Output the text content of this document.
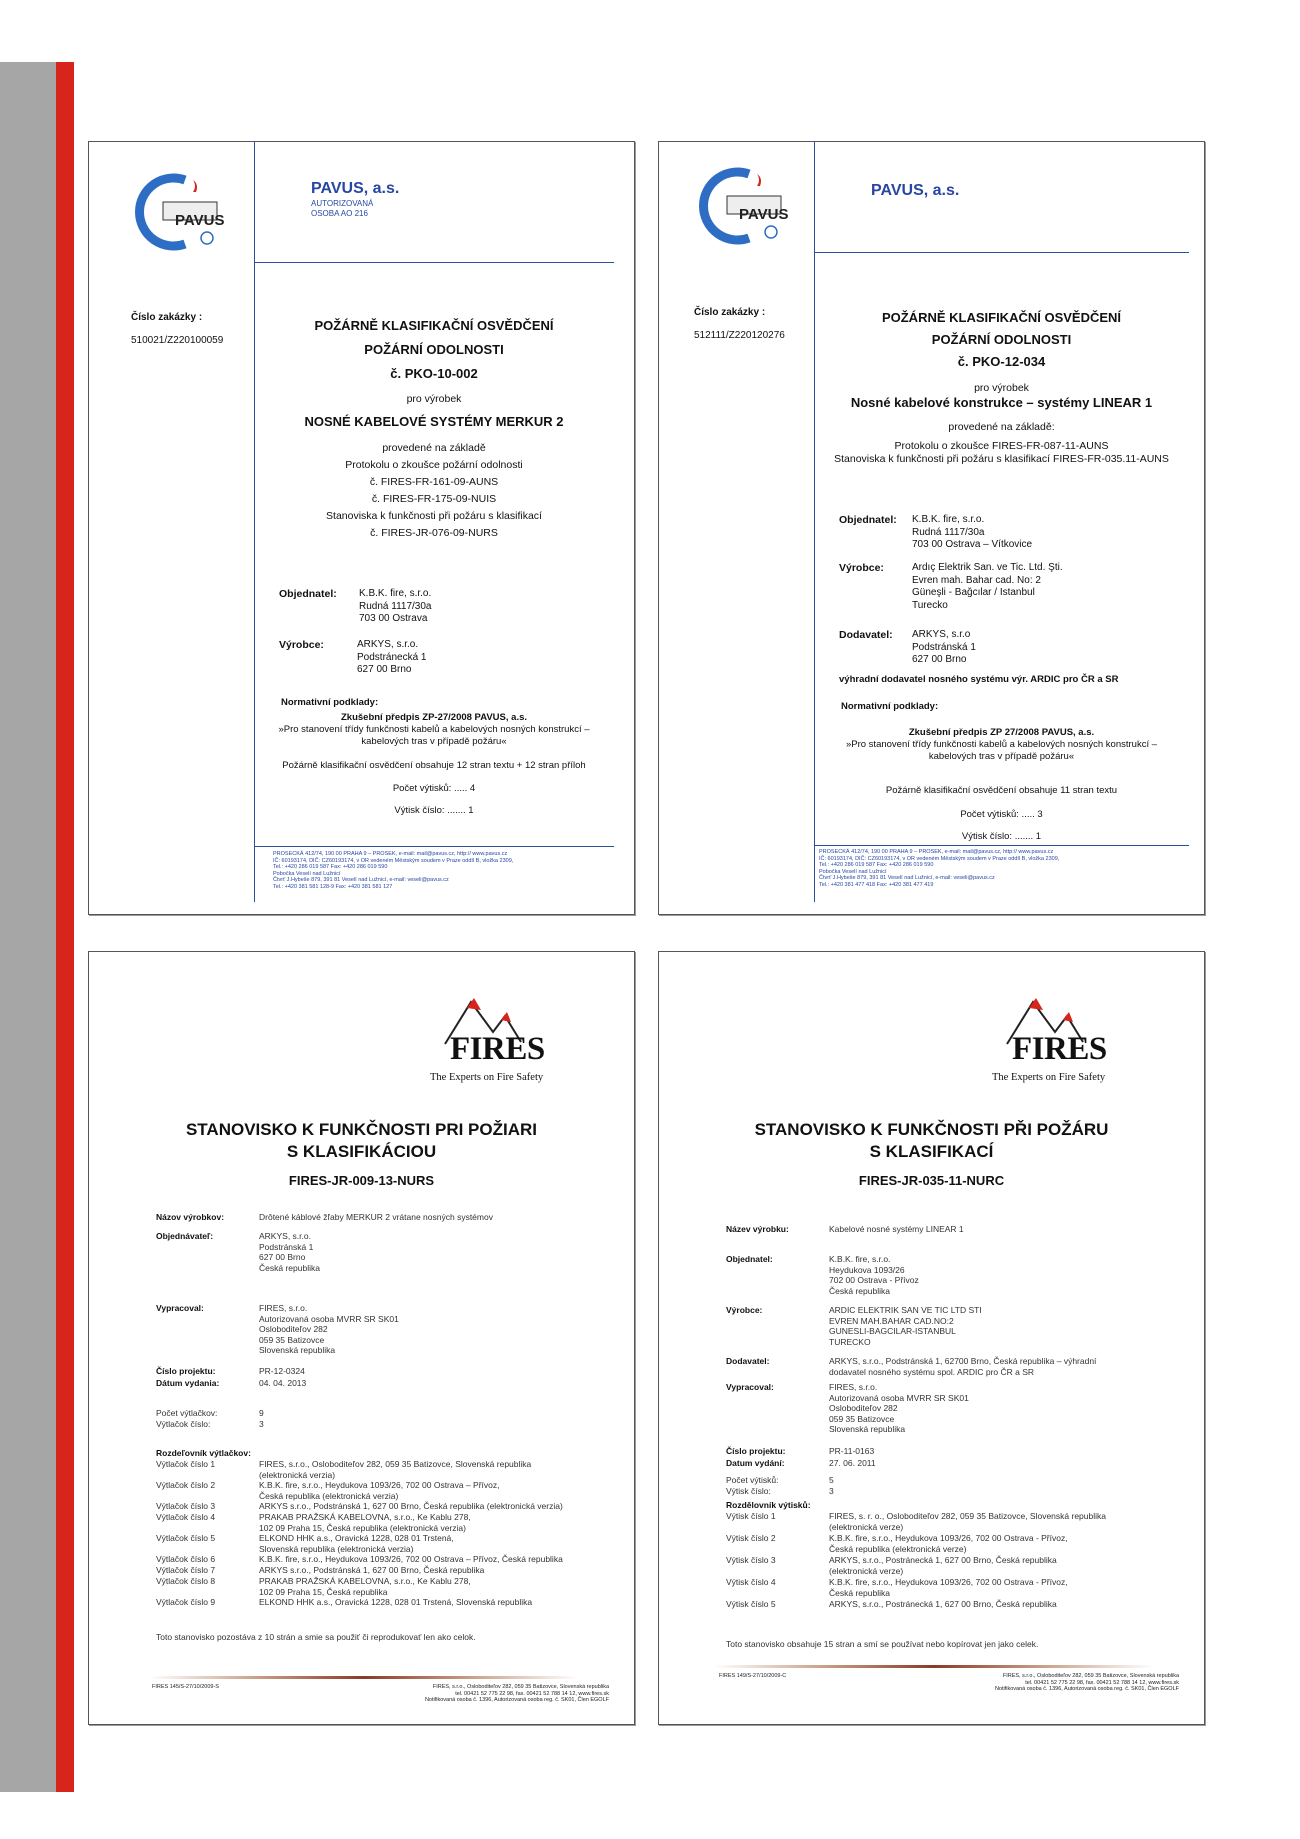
PAVUS
PAVUS, a.s.
AUTORIZOVANÁ
OSOBA AO 216
Číslo zakázky :
510021/Z220100059
POŽÁRNĚ KLASIFIKAČNÍ OSVĚDČENÍ
POŽÁRNÍ ODOLNOSTI
č. PKO-10-002
pro výrobek
NOSNÉ KABELOVÉ SYSTÉMY MERKUR 2
provedené na základě
Protokolu o zkoušce požární odolnosti
č. FIRES-FR-161-09-AUNS
č. FIRES-FR-175-09-NUIS
Stanoviska k funkčnosti při požáru s klasifikací
č. FIRES-JR-076-09-NURS
Objednatel: K.B.K. fire, s.r.o.
Rudná 1117/30a
703 00 Ostrava
Výrobce:	ARKYS, s.r.o.
Podstránecká 1
627 00 Brno
Normativní podklady:
Zkušební předpis ZP-27/2008 PAVUS, a.s.
»Pro stanovení třídy funkčnosti kabelů a kabelových nosných konstrukcí –
kabelových tras v případě požáru«
Požárně klasifikační osvědčení obsahuje 12 stran textu + 12 stran příloh
Počet výtisků: ..... 4
Výtisk číslo: ....... 1
PROSECKÁ 412/74, 190 00 PRAHA 9 – PROSEK, e-mail: mail@pavus.cz, http:// www.pavus.cz
IČ: 60193174, DIČ: CZ60193174, v OR vedeném Městským soudem v Praze oddíl B, vložka 2309,
Tel.: +420 286 019 587 Fax: +420 286 019 590
Pobočka Veselí nad Lužnicí
Čtvrť J.Hybeše 879, 391 81 Veselí nad Lužnicí, e-mail: veseli@pavus.cz
Tel.: +420 381 581 128-9 Fax: +420 381 581 127
PAVUS
PAVUS, a.s.
Číslo zakázky :
512111/Z220120276
POŽÁRNĚ KLASIFIKAČNÍ OSVĚDČENÍ
POŽÁRNÍ ODOLNOSTI
č. PKO-12-034
pro výrobek
Nosné kabelové konstrukce – systémy LINEAR 1
provedené na základě:
Protokolu o zkoušce FIRES-FR-087-11-AUNS
Stanoviska k funkčnosti při požáru s klasifikací FIRES-FR-035.11-AUNS
Objednatel: K.B.K. fire, s.r.o.
Rudná 1117/30a
703 00 Ostrava – Vítkovice
Výrobce:	Ardıç Elektrik San. ve Tic. Ltd. Şti.
Evren mah. Bahar cad. No: 2
Güneşli - Bağcılar / Istanbul
Turecko
Dodavatel: ARKYS, s.r.o
Podstránská 1
627 00 Brno
výhradní dodavatel nosného systému výr. ARDIC pro ČR a SR
Normativní podklady:
Zkušební předpis ZP 27/2008 PAVUS, a.s.
»Pro stanovení třídy funkčnosti kabelů a kabelových nosných konstrukcí –
kabelových tras v případě požáru«
Požárně klasifikační osvědčení obsahuje 11 stran textu
Počet výtisků: ..... 3
Výtisk číslo: ....... 1
PROSECKÁ 412/74, 190 00 PRAHA 9 – PROSEK, e-mail: mail@pavus.cz, http:// www.pavus.cz
IČ: 60193174, DIČ: CZ60193174, v OR vedeném Městským soudem v Praze oddíl B, vložka 2309,
Tel.: +420 286 019 587 Fax: +420 286 019 590
Pobočka Veselí nad Lužnicí
Čtvrť J.Hybeše 879, 391 81 Veselí nad Lužnicí, e-mail: veseli@pavus.cz
Tel.: +420 381 477 418 Fax: +420 381 477 419
FIRES
The Experts on Fire Safety
STANOVISKO K FUNKČNOSTI PRI POŽIARI
S KLASIFIKÁCIOU
FIRES-JR-009-13-NURS
Názov výrobkov:	Drôtené káblové žľaby MERKUR 2 vrátane nosných systémov
Objednávateľ:	ARKYS, s.r.o.
Podstránská 1
627 00 Brno
Česká republika
Vypracoval:	FIRES, s.r.o.
Autorizovaná osoba MVRR SR SK01
Osloboditeľov 282
059 35 Batizovce
Slovenská republika
Číslo projektu:	PR-12-0324
Dátum vydania:	04. 04. 2013
Počet výtlačkov:	9
Výtlačok číslo:	3
Rozdeľovník výtlačkov:
Výtlačok číslo 1	FIRES, s.r.o., Osloboditeľov 282, 059 35 Batizovce, Slovenská republika
(elektronická verzia)
Výtlačok číslo 2	K.B.K. fire, s.r.o., Heydukova 1093/26, 702 00 Ostrava – Přívoz,
Česká republika (elektronická verzia)
Výtlačok číslo 3	ARKYS s.r.o., Podstránská 1, 627 00 Brno, Česká republika (elektronická verzia)
Výtlačok číslo 4	PRAKAB PRAŽSKÁ KABELOVNA, s.r.o., Ke Kablu 278,
102 09 Praha 15, Česká republika (elektronická verzia)
Výtlačok číslo 5	ELKOND HHK a.s., Oravická 1228, 028 01 Trstená,
Slovenská republika (elektronická verzia)
Výtlačok číslo 6	K.B.K. fire, s.r.o., Heydukova 1093/26, 702 00 Ostrava – Přívoz, Česká republika
Výtlačok číslo 7	ARKYS s.r.o., Podstránská 1, 627 00 Brno, Česká republika
Výtlačok číslo 8	PRAKAB PRAŽSKÁ KABELOVNA, s.r.o., Ke Kablu 278,
102 09 Praha 15, Česká republika
Výtlačok číslo 9	ELKOND HHK a.s., Oravická 1228, 028 01 Trstená, Slovenská republika
Toto stanovisko pozostáva z 10 strán a smie sa použiť či reprodukovať len ako celok.
FIRES 145/S-27/10/2009-S	FIRES, s.r.o., Osloboditeľov 282, 059 35 Batizovce, Slovenská republika
tel. 00421 52 775 22 98, fax. 00421 52 788 14 12, www.fires.sk
Notifikovaná osoba č. 1396, Autorizovaná osoba reg. č. SK01, Člen EGOLF
FIRES
The Experts on Fire Safety
STANOVISKO K FUNKČNOSTI PŘI POŽÁRU
S KLASIFIKACÍ
FIRES-JR-035-11-NURC
Název výrobku:	Kabelové nosné systémy LINEAR 1
Objednatel:	K.B.K. fire, s.r.o.
Heydukova 1093/26
702 00 Ostrava - Přívoz
Česká republika
Výrobce:	ARDIC ELEKTRIK SAN VE TIC LTD STI
EVREN MAH.BAHAR CAD.NO:2
GUNESLI-BAGCILAR-ISTANBUL
TURECKO
Dodavatel:	ARKYS, s.r.o., Podstránská 1, 62700 Brno, Česká republika – výhradní
dodavatel nosného systému spol. ARDIC pro ČR a SR
Vypracoval:	FIRES, s.r.o.
Autorizovaná osoba MVRR SR SK01
Osloboditeľov 282
059 35 Batizovce
Slovenská republika
Číslo projektu:	PR-11-0163
Datum vydání:	27. 06. 2011
Počet výtisků:	5
Výtisk číslo:	3
Rozdělovník výtisků:
Výtisk číslo 1	FIRES, s. r. o., Osloboditeľov 282, 059 35 Batizovce, Slovenská republika
(elektronická verze)
Výtisk číslo 2	K.B.K. fire, s.r.o., Heydukova 1093/26, 702 00 Ostrava - Přívoz,
Česká republika (elektronická verze)
Výtisk číslo 3	ARKYS, s.r.o., Postránecká 1, 627 00 Brno, Česká republika
(elektronická verze)
Výtisk číslo 4	K.B.K. fire, s.r.o., Heydukova 1093/26, 702 00 Ostrava - Přívoz,
Česká republika
Výtisk číslo 5	ARKYS, s.r.o., Postránecká 1, 627 00 Brno, Česká republika
Toto stanovisko obsahuje 15 stran a smí se používat nebo kopírovat jen jako celek.
FIRES 149/S-27/10/2009-C	FIRES, s.r.o., Osloboditeľov 282, 059 35 Batizovce, Slovenská republika
tel. 00421 52 775 22 98, fax. 00421 52 788 14 12, www.fires.sk
Notifikovaná osoba č. 1396, Autorizovaná osoba reg. č. SK01, Člen EGOLF
